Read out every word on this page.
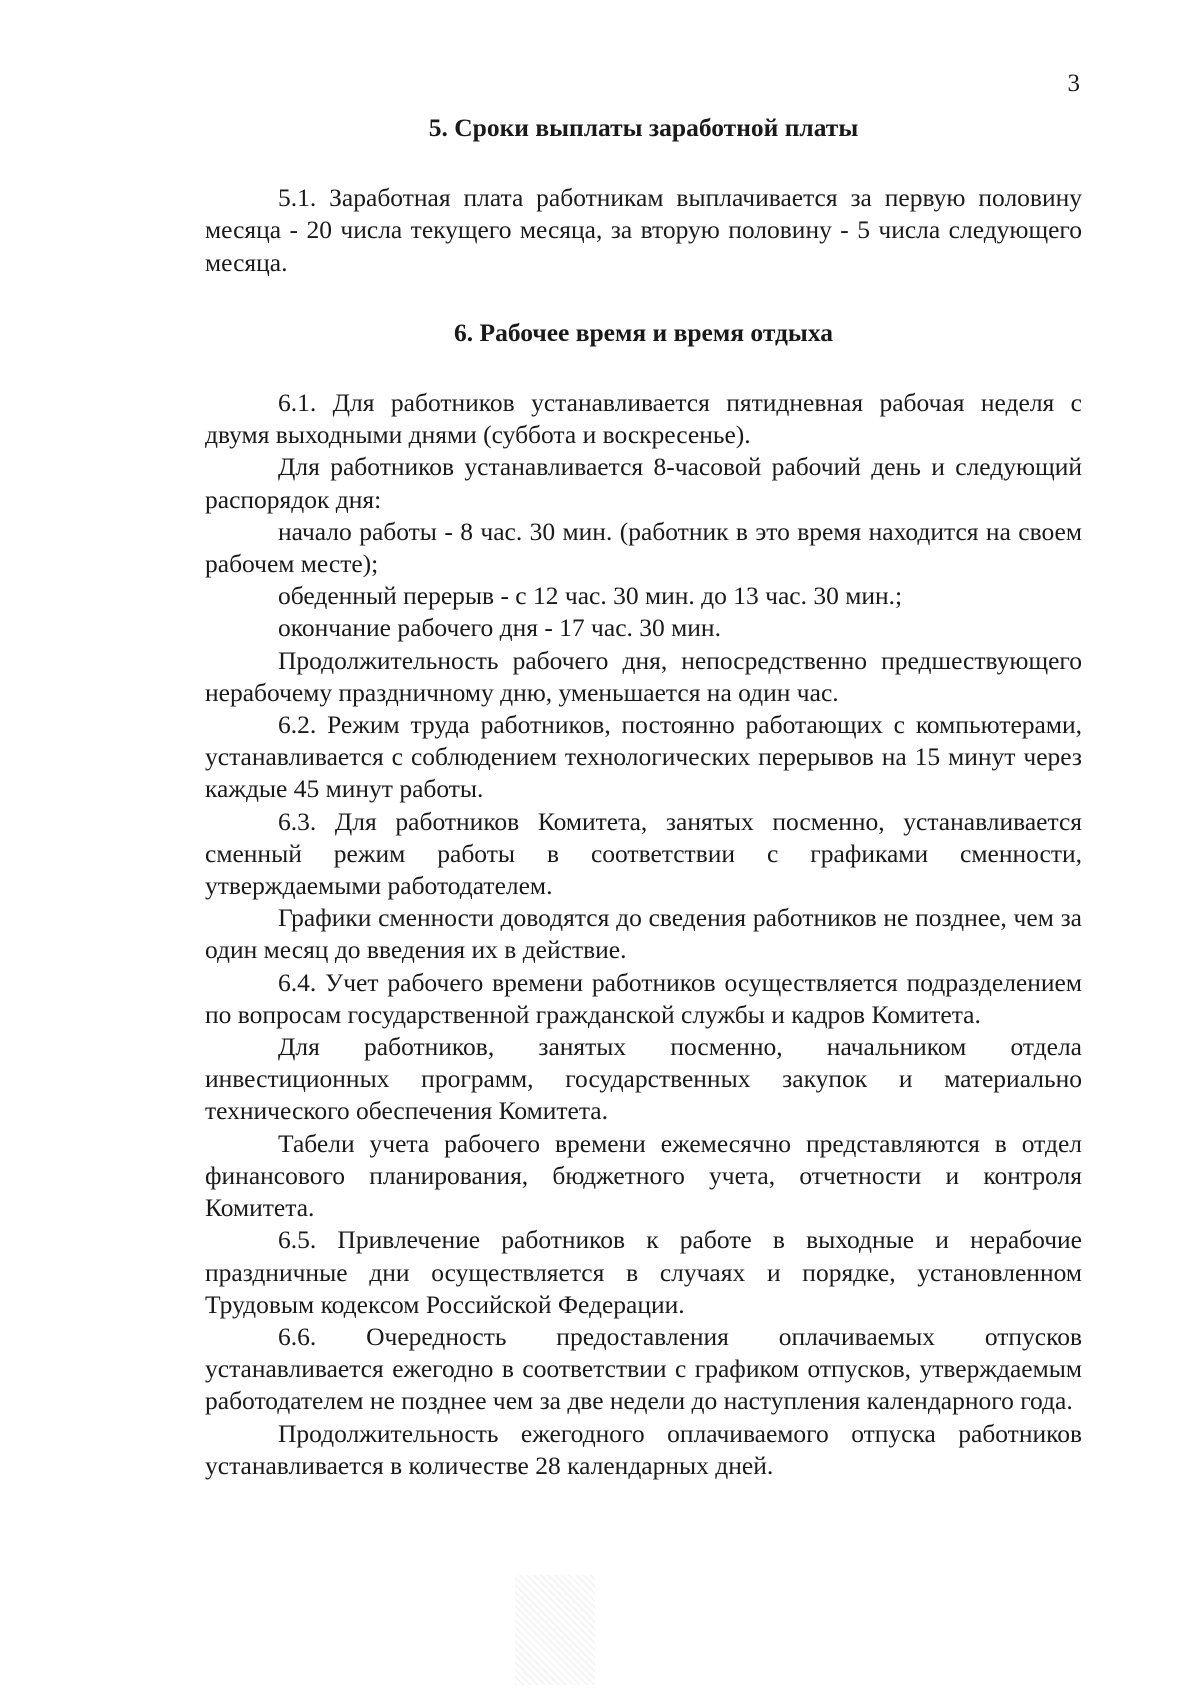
3
5. Сроки выплаты заработной платы

5.1. Заработная плата работникам выплачивается за первую половину месяца - 20 числа текущего месяца, за вторую половину - 5 числа следующего месяца.

6. Рабочее время и время отдыха

6.1. Для работников устанавливается пятидневная рабочая неделя с двумя выходными днями (суббота и воскресенье).

Для работников устанавливается 8-часовой рабочий день и следующий распорядок дня:

начало работы - 8 час. 30 мин. (работник в это время находится на своем рабочем месте);

обеденный перерыв - с 12 час. 30 мин. до 13 час. 30 мин.;

окончание рабочего дня - 17 час. 30 мин.

Продолжительность рабочего дня, непосредственно предшествующего нерабочему праздничному дню, уменьшается на один час.

6.2. Режим труда работников, постоянно работающих с компьютерами, устанавливается с соблюдением технологических перерывов на 15 минут через каждые 45 минут работы.

6.3. Для работников Комитета, занятых посменно, устанавливается сменный режим работы в соответствии с графиками сменности, утверждаемыми работодателем.

Графики сменности доводятся до сведения работников не позднее, чем за один месяц до введения их в действие.

6.4. Учет рабочего времени работников осуществляется подразделением по вопросам государственной гражданской службы и кадров Комитета.

Для работников, занятых посменно, начальником отдела инвестиционных программ, государственных закупок и материально технического обеспечения Комитета.

Табели учета рабочего времени ежемесячно представляются в отдел финансового планирования, бюджетного учета, отчетности и контроля Комитета.

6.5. Привлечение работников к работе в выходные и нерабочие праздничные дни осуществляется в случаях и порядке, установленном Трудовым кодексом Российской Федерации.

6.6. Очередность предоставления оплачиваемых отпусков устанавливается ежегодно в соответствии с графиком отпусков, утверждаемым работодателем не позднее чем за две недели до наступления календарного года.

Продолжительность ежегодного оплачиваемого отпуска работников устанавливается в количестве 28 календарных дней.
